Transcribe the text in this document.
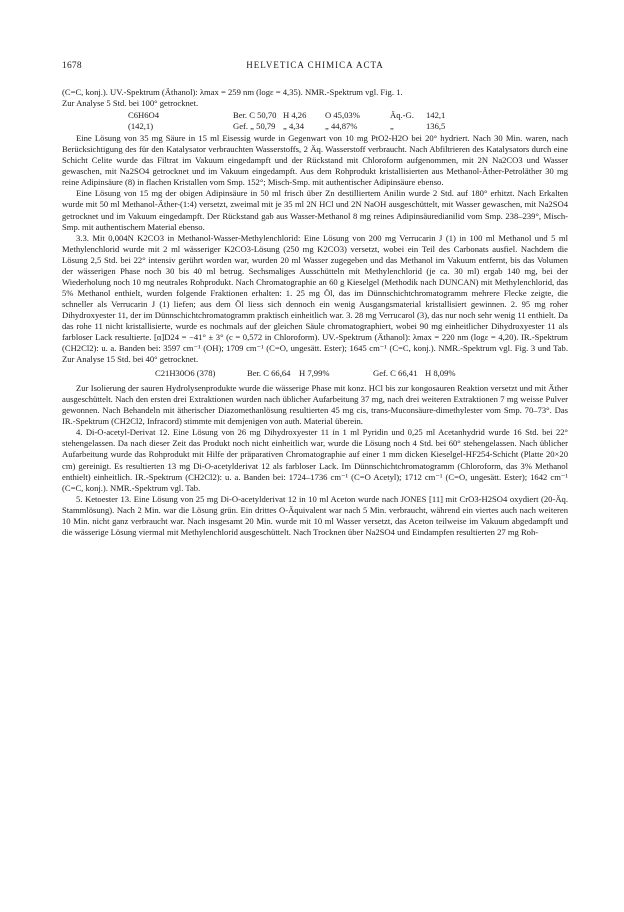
1678	HELVETICA CHIMICA ACTA

(C=C, konj.). UV.-Spektrum (Äthanol): λmax = 259 nm (logε = 4,35). NMR.-Spektrum vgl. Fig. 1.

Zur Analyse 5 Std. bei 100° getrocknet.

C6H6O4	Ber. C 50,70 H 4,26	O 45,03%	Äq.-G.	142,1
(142,1)	Gef. „ 50,79 „ 4,34	„ 44,87%	„	136,5

Eine Lösung von 35 mg Säure in 15 ml Eisessig wurde in Gegenwart von 10 mg PtO2-H2O bei 20° hydriert. Nach 30 Min. waren, nach Berücksichtigung des für den Katalysator verbrauchten Wasserstoffs, 2 Äq. Wasserstoff verbraucht. Nach Abfiltrieren des Katalysators durch eine Schicht Celite wurde das Filtrat im Vakuum eingedampft und der Rückstand mit Chloroform aufgenommen, mit 2N Na2CO3 und Wasser gewaschen, mit Na2SO4 getrocknet und im Vakuum eingedampft. Aus dem Rohprodukt kristallisierten aus Methanol-Äther-Petroläther 30 mg reine Adipinsäure (8) in flachen Kristallen vom Smp. 152°; Misch-Smp. mit authentischer Adipinsäure ebenso.

Eine Lösung von 15 mg der obigen Adipinsäure in 50 ml frisch über Zn destilliertem Anilin wurde 2 Std. auf 180° erhitzt. Nach Erkalten wurde mit 50 ml Methanol-Äther-(1:4) versetzt, zweimal mit je 35 ml 2N HCl und 2N NaOH ausgeschüttelt, mit Wasser gewaschen, mit Na2SO4 getrocknet und im Vakuum eingedampft. Der Rückstand gab aus Wasser-Methanol 8 mg reines Adipinsäuredianilid vom Smp. 238–239°, Misch-Smp. mit authentischem Material ebenso.

3.3. Mit 0,004N K2CO3 in Methanol-Wasser-Methylenchlorid: Eine Lösung von 200 mg Verrucarin J (1) in 100 ml Methanol und 5 ml Methylenchlorid wurde mit 2 ml wässeriger K2CO3-Lösung (250 mg K2CO3) versetzt, wobei ein Teil des Carbonats ausfiel. Nachdem die Lösung 2,5 Std. bei 22° intensiv gerührt worden war, wurden 20 ml Wasser zugegeben und das Methanol im Vakuum entfernt, bis das Volumen der wässerigen Phase noch 30 bis 40 ml betrug. Sechsmaliges Ausschütteln mit Methylenchlorid (je ca. 30 ml) ergab 140 mg, bei der Wiederholung noch 10 mg neutrales Rohprodukt. Nach Chromatographie an 60 g Kieselgel (Methodik nach DUNCAN) mit Methylenchlorid, das 5% Methanol enthielt, wurden folgende Fraktionen erhalten: 1. 25 mg Öl, das im Dünnschichtchromatogramm mehrere Flecke zeigte, die schneller als Verrucarin J (1) liefen; aus dem Öl liess sich dennoch ein wenig Ausgangsmaterial kristallisiert gewinnen. 2. 95 mg roher Dihydroxyester 11, der im Dünnschichtchromatogramm praktisch einheitlich war. 3. 28 mg Verrucarol (3), das nur noch sehr wenig 11 enthielt. Da das rohe 11 nicht kristallisierte, wurde es nochmals auf der gleichen Säule chromatographiert, wobei 90 mg einheitlicher Dihydroxyester 11 als farbloser Lack resultierte. [α]D24 = −41° ± 3° (c = 0,572 in Chloroform). UV.-Spektrum (Äthanol): λmax = 220 nm (logε = 4,20). IR.-Spektrum (CH2Cl2): u. a. Banden bei: 3597 cm⁻¹ (OH); 1709 cm⁻¹ (C=O, ungesätt. Ester); 1645 cm⁻¹ (C=C, konj.). NMR.-Spektrum vgl. Fig. 3 und Tab. Zur Analyse 15 Std. bei 40° getrocknet.

C21H30O6 (378)	Ber. C 66,64 H 7,99%	Gef. C 66,41 H 8,09%

Zur Isolierung der sauren Hydrolysenprodukte wurde die wässerige Phase mit konz. HCl bis zur kongosauren Reaktion versetzt und mit Äther ausgeschüttelt. Nach den ersten drei Extraktionen wurden nach üblicher Aufarbeitung 37 mg, nach drei weiteren Extraktionen 7 mg weisse Pulver gewonnen. Nach Behandeln mit ätherischer Diazomethanlösung resultierten 45 mg cis, trans-Muconsäure-dimethylester vom Smp. 70–73°. Das IR.-Spektrum (CH2Cl2, Infracord) stimmte mit demjenigen von auth. Material überein.

4. Di-O-acetyl-Derivat 12. Eine Lösung von 26 mg Dihydroxyester 11 in 1 ml Pyridin und 0,25 ml Acetanhydrid wurde 16 Std. bei 22° stehengelassen. Da nach dieser Zeit das Produkt noch nicht einheitlich war, wurde die Lösung noch 4 Std. bei 60° stehengelassen. Nach üblicher Aufarbeitung wurde das Rohprodukt mit Hilfe der präparativen Chromatographie auf einer 1 mm dicken Kieselgel-HF254-Schicht (Platte 20×20 cm) gereinigt. Es resultierten 13 mg Di-O-acetylderivat 12 als farbloser Lack. Im Dünnschichtchromatogramm (Chloroform, das 3% Methanol enthielt) einheitlich. IR.-Spektrum (CH2Cl2): u. a. Banden bei: 1724–1736 cm⁻¹ (C=O Acetyl); 1712 cm⁻¹ (C=O, ungesätt. Ester); 1642 cm⁻¹ (C=C, konj.). NMR.-Spektrum vgl. Tab.

5. Ketoester 13. Eine Lösung von 25 mg Di-O-acetylderivat 12 in 10 ml Aceton wurde nach JONES [11] mit CrO3-H2SO4 oxydiert (20-Äq. Stammlösung). Nach 2 Min. war die Lösung grün. Ein drittes O-Äquivalent war nach 5 Min. verbraucht, während ein viertes auch nach weiteren 10 Min. nicht ganz verbraucht war. Nach insgesamt 20 Min. wurde mit 10 ml Wasser versetzt, das Aceton teilweise im Vakuum abgedampft und die wässerige Lösung viermal mit Methylenchlorid ausgeschüttelt. Nach Trocknen über Na2SO4 und Eindampfen resultierten 27 mg Roh-
